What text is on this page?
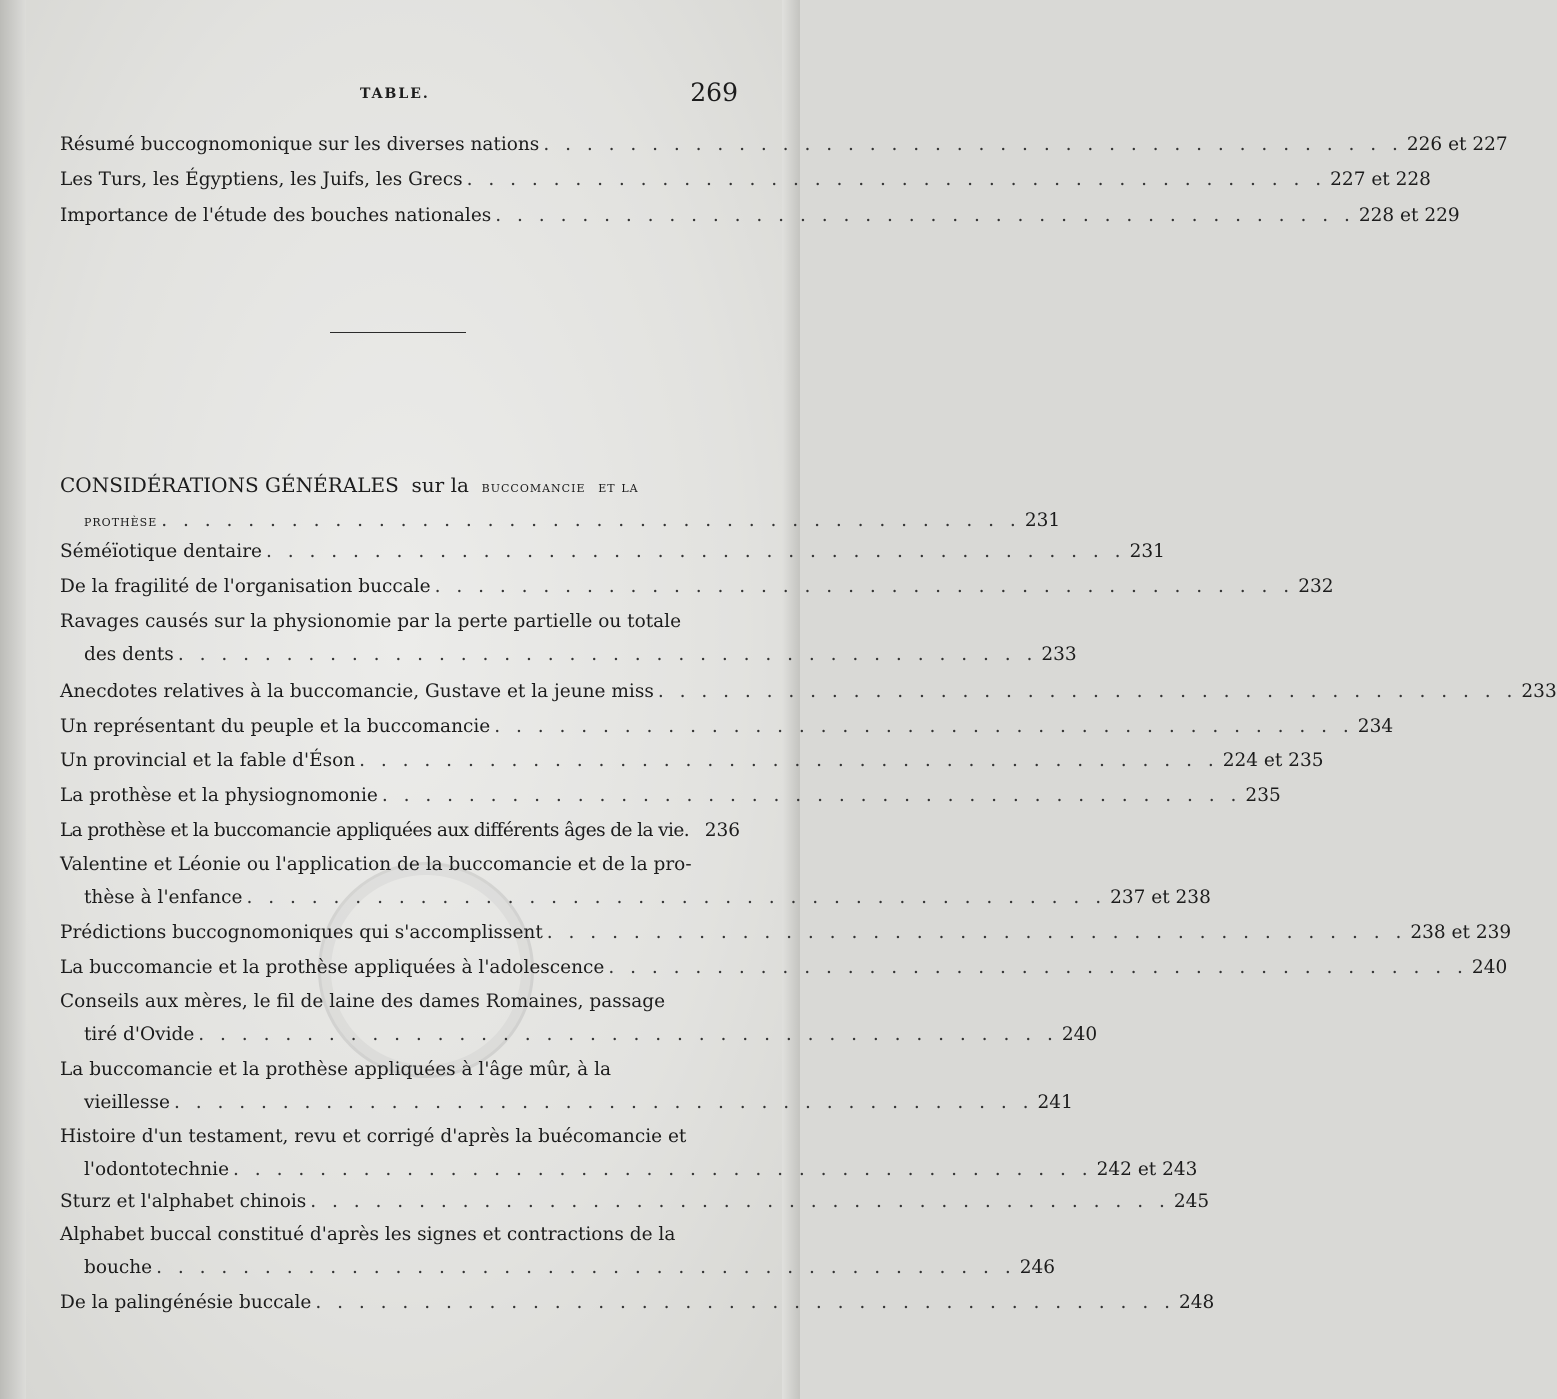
TABLE.	269
Résumé buccognomonique sur les diverses nations . . . . . . . . . . . . . . . . . . . . . . . . . . . . . . . . . . . . . . . . 226 et 227
Les Turs, les Égyptiens, les Juifs, les Grecs . . . . . . . . . . . . . . . . . . . . . . . . . . . . . . . . . . . . . . . . 227 et 228
Importance de l'étude des bouches nationales . . . . . . . . . . . . . . . . . . . . . . . . . . . . . . . . . . . . . . . . 228 et 229
CONSIDÉRATIONS GÉNÉRALES sur la buccomancie et la
prothèse . . . . . . . . . . . . . . . . . . . . . . . . . . . . . . . . . . . . . . . . 231
Séméïotique dentaire . . . . . . . . . . . . . . . . . . . . . . . . . . . . . . . . . . . . . . . . 231
De la fragilité de l'organisation buccale . . . . . . . . . . . . . . . . . . . . . . . . . . . . . . . . . . . . . . . . 232
Ravages causés sur la physionomie par la perte partielle ou totale
des dents . . . . . . . . . . . . . . . . . . . . . . . . . . . . . . . . . . . . . . . . 233
Anecdotes relatives à la buccomancie, Gustave et la jeune miss . . . . . . . . . . . . . . . . . . . . . . . . . . . . . . . . . . . . . . . . 233
Un représentant du peuple et la buccomancie . . . . . . . . . . . . . . . . . . . . . . . . . . . . . . . . . . . . . . . . 234
Un provincial et la fable d'Éson . . . . . . . . . . . . . . . . . . . . . . . . . . . . . . . . . . . . . . . . 224 et 235
La prothèse et la physiognomonie . . . . . . . . . . . . . . . . . . . . . . . . . . . . . . . . . . . . . . . . 235
La prothèse et la buccomancie appliquées aux différents âges de la vie. 236
Valentine et Léonie ou l'application de la buccomancie et de la pro-
thèse à l'enfance . . . . . . . . . . . . . . . . . . . . . . . . . . . . . . . . . . . . . . . . 237 et 238
Prédictions buccognomoniques qui s'accomplissent . . . . . . . . . . . . . . . . . . . . . . . . . . . . . . . . . . . . . . . . 238 et 239
La buccomancie et la prothèse appliquées à l'adolescence . . . . . . . . . . . . . . . . . . . . . . . . . . . . . . . . . . . . . . . . 240
Conseils aux mères, le fil de laine des dames Romaines, passage
tiré d'Ovide . . . . . . . . . . . . . . . . . . . . . . . . . . . . . . . . . . . . . . . . 240
La buccomancie et la prothèse appliquées à l'âge mûr, à la
vieillesse . . . . . . . . . . . . . . . . . . . . . . . . . . . . . . . . . . . . . . . . 241
Histoire d'un testament, revu et corrigé d'après la buécomancie et
l'odontotechnie . . . . . . . . . . . . . . . . . . . . . . . . . . . . . . . . . . . . . . . . 242 et 243
Sturz et l'alphabet chinois . . . . . . . . . . . . . . . . . . . . . . . . . . . . . . . . . . . . . . . . 245
Alphabet buccal constitué d'après les signes et contractions de la
bouche . . . . . . . . . . . . . . . . . . . . . . . . . . . . . . . . . . . . . . . . 246
De la palingénésie buccale . . . . . . . . . . . . . . . . . . . . . . . . . . . . . . . . . . . . . . . . 248
